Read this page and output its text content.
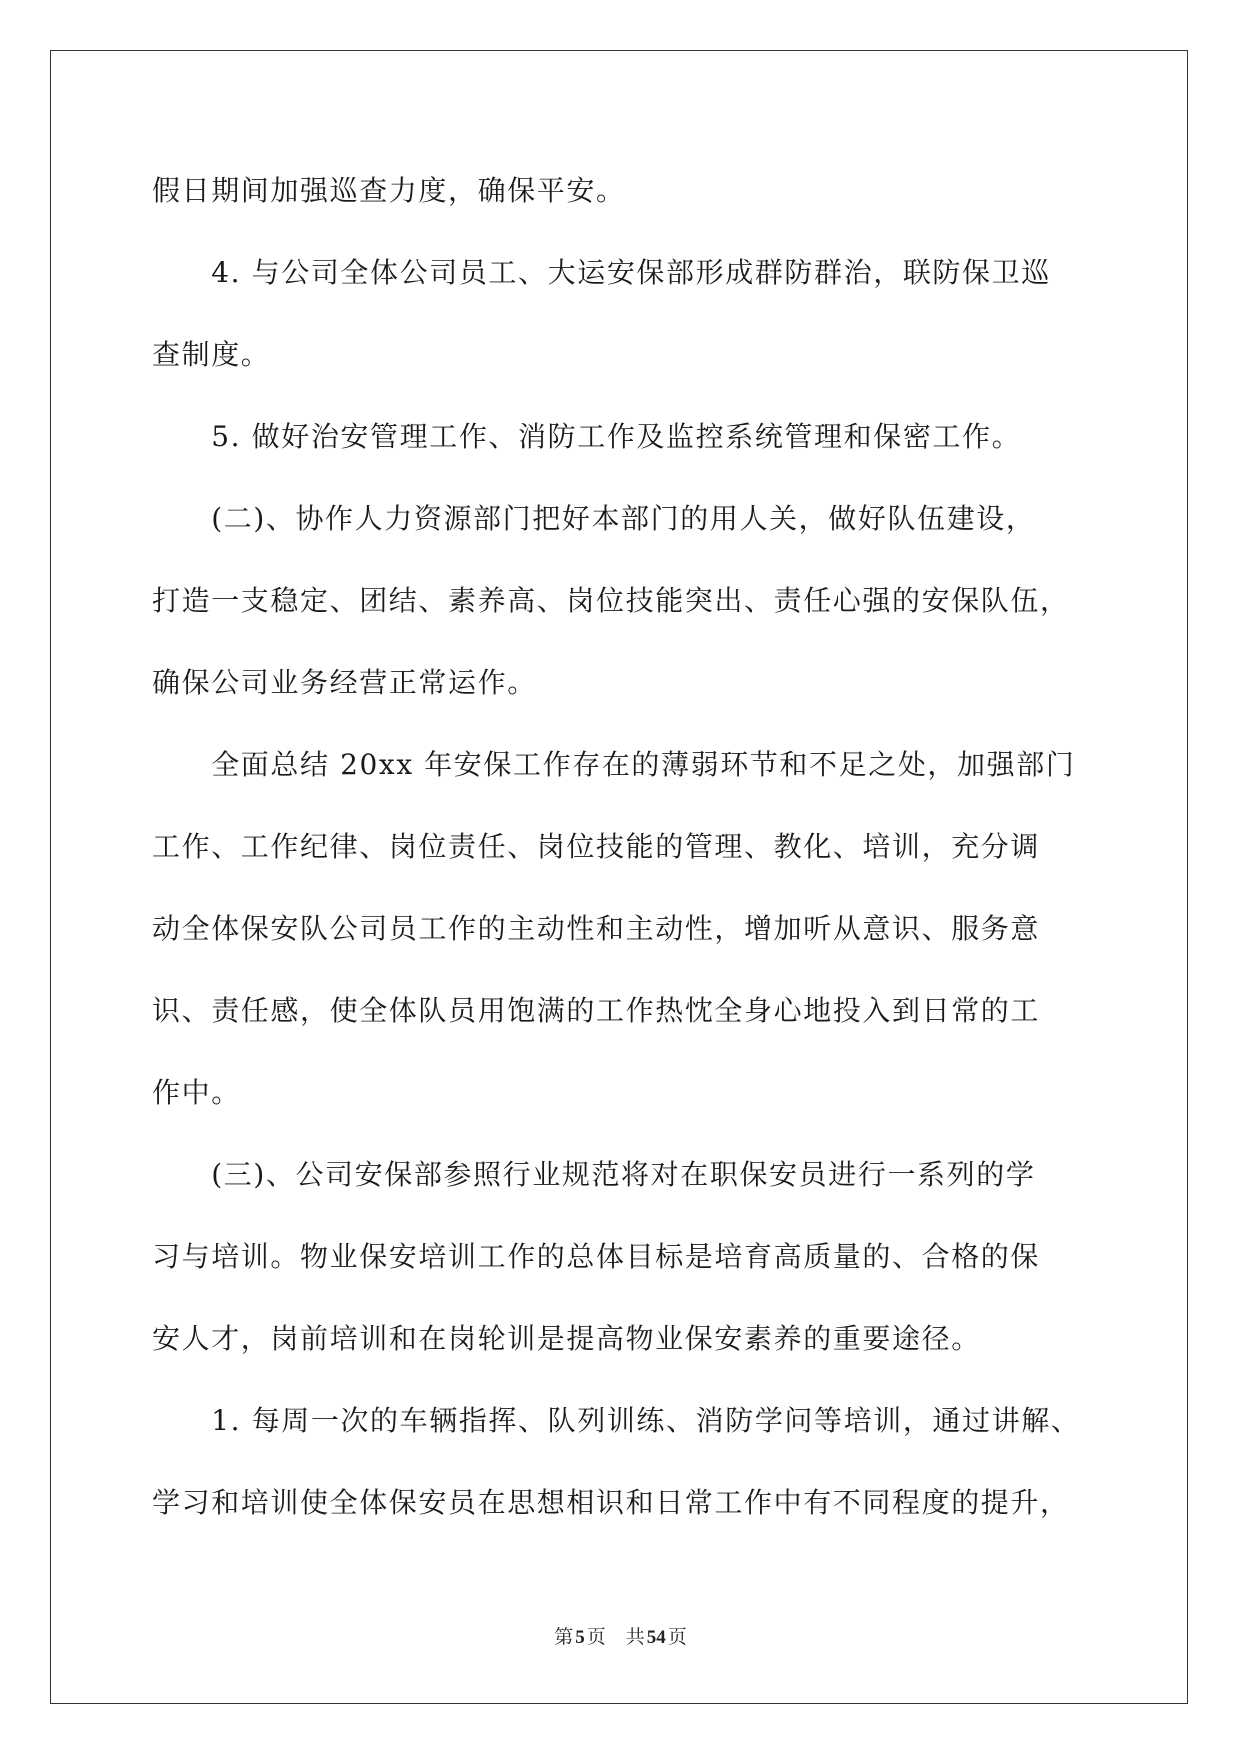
假日期间加强巡查力度，确保平安。

　　4. 与公司全体公司员工、大运安保部形成群防群治，联防保卫巡

查制度。

　　5. 做好治安管理工作、消防工作及监控系统管理和保密工作。

　　(二)、协作人力资源部门把好本部门的用人关，做好队伍建设，

打造一支稳定、团结、素养高、岗位技能突出、责任心强的安保队伍，

确保公司业务经营正常运作。

　　全面总结 20xx 年安保工作存在的薄弱环节和不足之处，加强部门

工作、工作纪律、岗位责任、岗位技能的管理、教化、培训，充分调

动全体保安队公司员工作的主动性和主动性，增加听从意识、服务意

识、责任感，使全体队员用饱满的工作热忱全身心地投入到日常的工

作中。

　　(三)、公司安保部参照行业规范将对在职保安员进行一系列的学

习与培训。物业保安培训工作的总体目标是培育高质量的、合格的保

安人才，岗前培训和在岗轮训是提高物业保安素养的重要途径。

　　1. 每周一次的车辆指挥、队列训练、消防学问等培训，通过讲解、

学习和培训使全体保安员在思想相识和日常工作中有不同程度的提升，

第 5 页 共 54 页
